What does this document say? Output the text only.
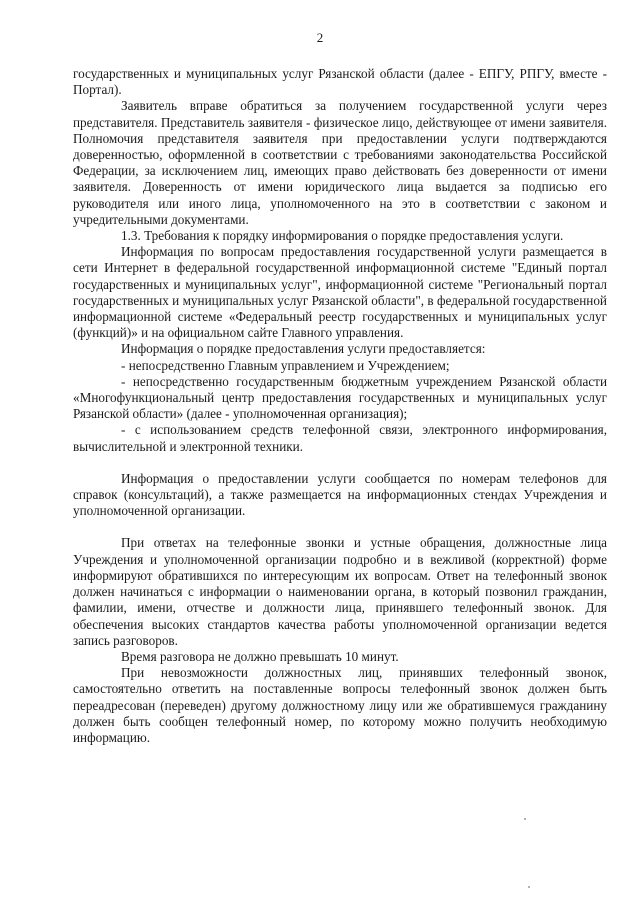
2

государственных и муниципальных услуг Рязанской области (далее - ЕПГУ, РПГУ, вместе - Портал).

Заявитель вправе обратиться за получением государственной услуги через представителя. Представитель заявителя - физическое лицо, действующее от имени заявителя. Полномочия представителя заявителя при предоставлении услуги подтверждаются доверенностью, оформленной в соответствии с требованиями законодательства Российской Федерации, за исключением лиц, имеющих право действовать без доверенности от имени заявителя. Доверенность от имени юридического лица выдается за подписью его руководителя или иного лица, уполномоченного на это в соответствии с законом и учредительными документами.

1.3. Требования к порядку информирования о порядке предоставления услуги.

Информация по вопросам предоставления государственной услуги размещается в сети Интернет в федеральной государственной информационной системе "Единый портал государственных и муниципальных услуг", информационной системе "Региональный портал государственных и муниципальных услуг Рязанской области", в федеральной государственной информационной системе «Федеральный реестр государственных и муниципальных услуг (функций)» и на официальном сайте Главного управления.

Информация о порядке предоставления услуги предоставляется:

- непосредственно Главным управлением и Учреждением;

- непосредственно государственным бюджетным учреждением Рязанской области «Многофункциональный центр предоставления государственных и муниципальных услуг Рязанской области» (далее - уполномоченная организация);

- с использованием средств телефонной связи, электронного информирования, вычислительной и электронной техники.

Информация о предоставлении услуги сообщается по номерам телефонов для справок (консультаций), а также размещается на информационных стендах Учреждения и уполномоченной организации.

При ответах на телефонные звонки и устные обращения, должностные лица Учреждения и уполномоченной организации подробно и в вежливой (корректной) форме информируют обратившихся по интересующим их вопросам. Ответ на телефонный звонок должен начинаться с информации о наименовании органа, в который позвонил гражданин, фамилии, имени, отчестве и должности лица, принявшего телефонный звонок. Для обеспечения высоких стандартов качества работы уполномоченной организации ведется запись разговоров.

Время разговора не должно превышать 10 минут.

При невозможности должностных лиц, принявших телефонный звонок, самостоятельно ответить на поставленные вопросы телефонный звонок должен быть переадресован (переведен) другому должностному лицу или же обратившемуся гражданину должен быть сообщен телефонный номер, по которому можно получить необходимую информацию.
